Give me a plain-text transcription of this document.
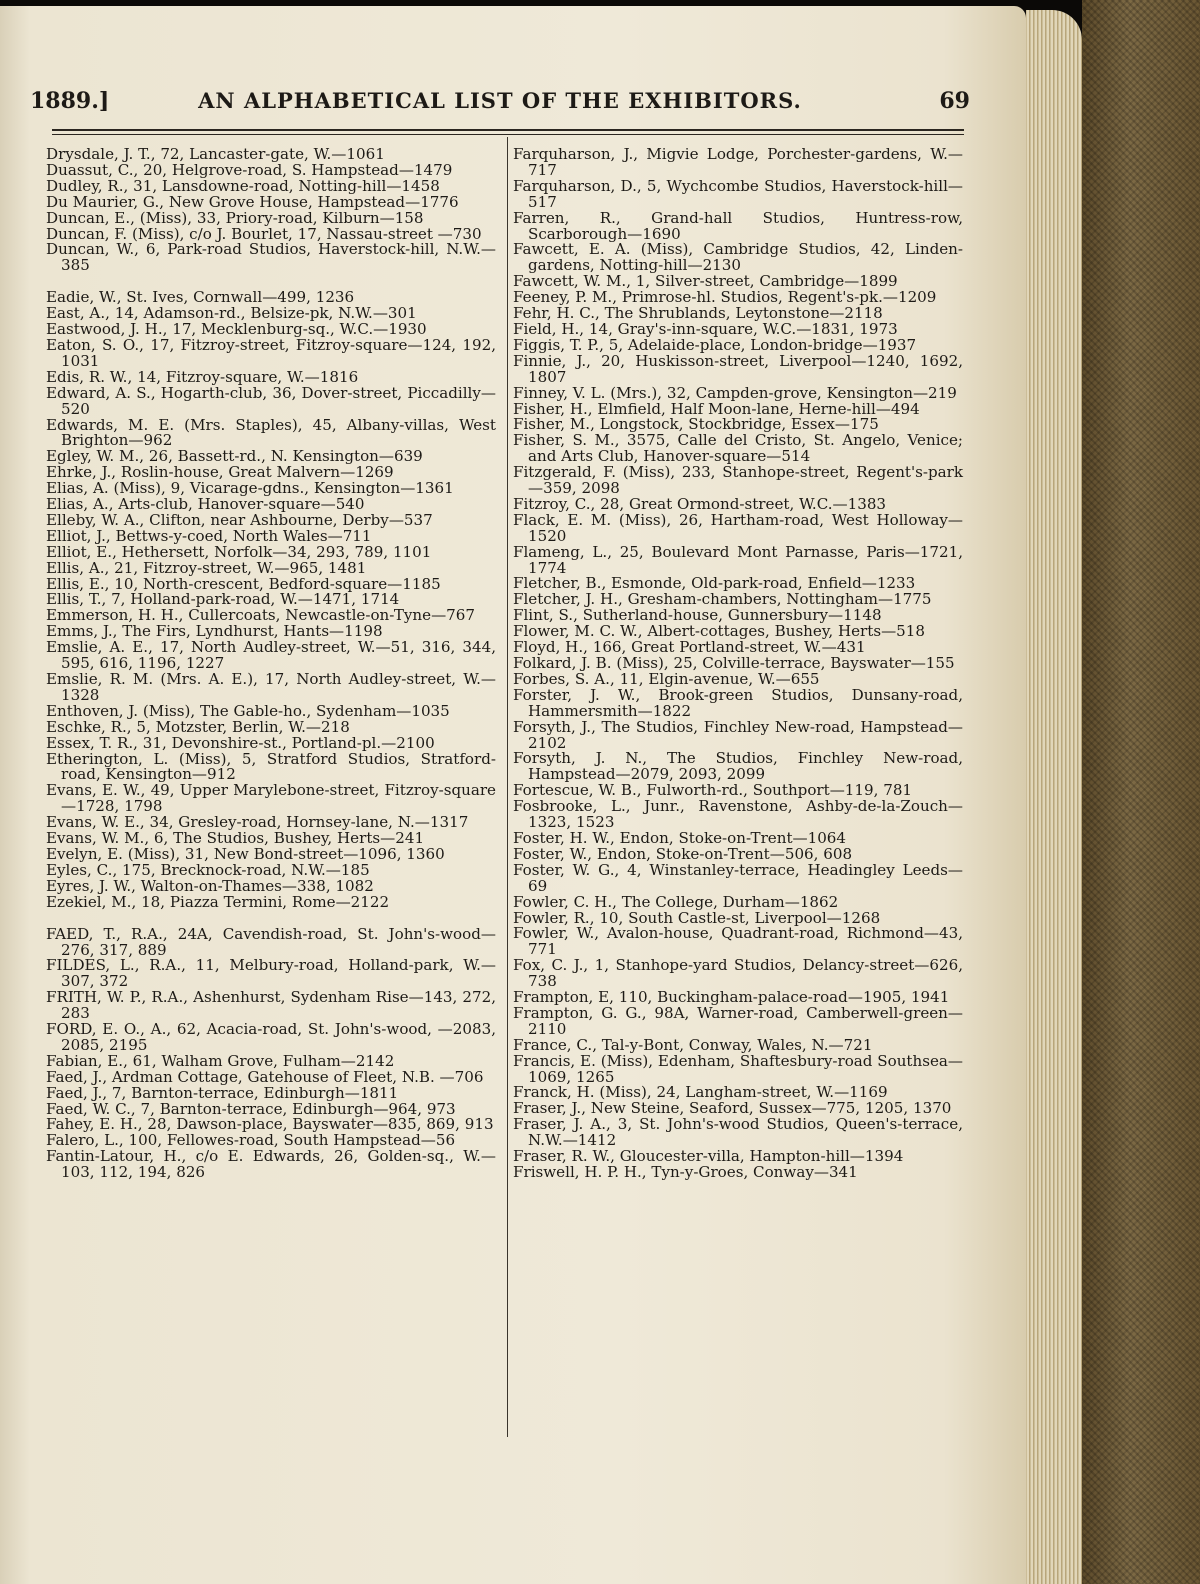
1889.]	AN ALPHABETICAL LIST OF THE EXHIBITORS.	69
Drysdale, J. T., 72, Lancaster-gate, W.—1061
Duassut, C., 20, Helgrove-road, S. Hampstead—1479
Dudley, R., 31, Lansdowne-road, Notting-hill—1458
Du Maurier, G., New Grove House, Hampstead—1776
Duncan, E., (Miss), 33, Priory-road, Kilburn—158
Duncan, F. (Miss), c/o J. Bourlet, 17, Nassau-street —730
Duncan, W., 6, Park-road Studios, Haverstock-hill, N.W.—385
Eadie, W., St. Ives, Cornwall—499, 1236
East, A., 14, Adamson-rd., Belsize-pk, N.W.—301
Eastwood, J. H., 17, Mecklenburg-sq., W.C.—1930
Eaton, S. O., 17, Fitzroy-street, Fitzroy-square—124, 192, 1031
Edis, R. W., 14, Fitzroy-square, W.—1816
Edward, A. S., Hogarth-club, 36, Dover-street, Piccadilly—520
Edwards, M. E. (Mrs. Staples), 45, Albany-villas, West Brighton—962
Egley, W. M., 26, Bassett-rd., N. Kensington—639
Ehrke, J., Roslin-house, Great Malvern—1269
Elias, A. (Miss), 9, Vicarage-gdns., Kensington—1361
Elias, A., Arts-club, Hanover-square—540
Elleby, W. A., Clifton, near Ashbourne, Derby—537
Elliot, J., Bettws-y-coed, North Wales—711
Elliot, E., Hethersett, Norfolk—34, 293, 789, 1101
Ellis, A., 21, Fitzroy-street, W.—965, 1481
Ellis, E., 10, North-crescent, Bedford-square—1185
Ellis, T., 7, Holland-park-road, W.—1471, 1714
Emmerson, H. H., Cullercoats, Newcastle-on-Tyne—767
Emms, J., The Firs, Lyndhurst, Hants—1198
Emslie, A. E., 17, North Audley-street, W.—51, 316, 344, 595, 616, 1196, 1227
Emslie, R. M. (Mrs. A. E.), 17, North Audley-street, W.—1328
Enthoven, J. (Miss), The Gable-ho., Sydenham—1035
Eschke, R., 5, Motzster, Berlin, W.—218
Essex, T. R., 31, Devonshire-st., Portland-pl.—2100
Etherington, L. (Miss), 5, Stratford Studios, Stratford-road, Kensington—912
Evans, E. W., 49, Upper Marylebone-street, Fitzroy-square—1728, 1798
Evans, W. E., 34, Gresley-road, Hornsey-lane, N.—1317
Evans, W. M., 6, The Studios, Bushey, Herts—241
Evelyn, E. (Miss), 31, New Bond-street—1096, 1360
Eyles, C., 175, Brecknock-road, N.W.—185
Eyres, J. W., Walton-on-Thames—338, 1082
Ezekiel, M., 18, Piazza Termini, Rome—2122
FAED, T., R.A., 24A, Cavendish-road, St. John's-wood—276, 317, 889
FILDES, L., R.A., 11, Melbury-road, Holland-park, W.—307, 372
FRITH, W. P., R.A., Ashenhurst, Sydenham Rise—143, 272, 283
FORD, E. O., A., 62, Acacia-road, St. John's-wood, —2083, 2085, 2195
Fabian, E., 61, Walham Grove, Fulham—2142
Faed, J., Ardman Cottage, Gatehouse of Fleet, N.B. —706
Faed, J., 7, Barnton-terrace, Edinburgh—1811
Faed, W. C., 7, Barnton-terrace, Edinburgh—964, 973
Fahey, E. H., 28, Dawson-place, Bayswater—835, 869, 913
Falero, L., 100, Fellowes-road, South Hampstead—56
Fantin-Latour, H., c/o E. Edwards, 26, Golden-sq., W.—103, 112, 194, 826
Farquharson, J., Migvie Lodge, Porchester-gardens, W.—717
Farquharson, D., 5, Wychcombe Studios, Haverstock-hill—517
Farren, R., Grand-hall Studios, Huntress-row, Scarborough—1690
Fawcett, E. A. (Miss), Cambridge Studios, 42, Linden-gardens, Notting-hill—2130
Fawcett, W. M., 1, Silver-street, Cambridge—1899
Feeney, P. M., Primrose-hl. Studios, Regent's-pk.—1209
Fehr, H. C., The Shrublands, Leytonstone—2118
Field, H., 14, Gray's-inn-square, W.C.—1831, 1973
Figgis, T. P., 5, Adelaide-place, London-bridge—1937
Finnie, J., 20, Huskisson-street, Liverpool—1240, 1692, 1807
Finney, V. L. (Mrs.), 32, Campden-grove, Kensington—219
Fisher, H., Elmfield, Half Moon-lane, Herne-hill—494
Fisher, M., Longstock, Stockbridge, Essex—175
Fisher, S. M., 3575, Calle del Cristo, St. Angelo, Venice; and Arts Club, Hanover-square—514
Fitzgerald, F. (Miss), 233, Stanhope-street, Regent's-park—359, 2098
Fitzroy, C., 28, Great Ormond-street, W.C.—1383
Flack, E. M. (Miss), 26, Hartham-road, West Holloway—1520
Flameng, L., 25, Boulevard Mont Parnasse, Paris—1721, 1774
Fletcher, B., Esmonde, Old-park-road, Enfield—1233
Fletcher, J. H., Gresham-chambers, Nottingham—1775
Flint, S., Sutherland-house, Gunnersbury—1148
Flower, M. C. W., Albert-cottages, Bushey, Herts—518
Floyd, H., 166, Great Portland-street, W.—431
Folkard, J. B. (Miss), 25, Colville-terrace, Bayswater—155
Forbes, S. A., 11, Elgin-avenue, W.—655
Forster, J. W., Brook-green Studios, Dunsany-road, Hammersmith—1822
Forsyth, J., The Studios, Finchley New-road, Hampstead—2102
Forsyth, J. N., The Studios, Finchley New-road, Hampstead—2079, 2093, 2099
Fortescue, W. B., Fulworth-rd., Southport—119, 781
Fosbrooke, L., Junr., Ravenstone, Ashby-de-la-Zouch—1323, 1523
Foster, H. W., Endon, Stoke-on-Trent—1064
Foster, W., Endon, Stoke-on-Trent—506, 608
Foster, W. G., 4, Winstanley-terrace, Headingley Leeds—69
Fowler, C. H., The College, Durham—1862
Fowler, R., 10, South Castle-st, Liverpool—1268
Fowler, W., Avalon-house, Quadrant-road, Richmond—43, 771
Fox, C. J., 1, Stanhope-yard Studios, Delancy-street—626, 738
Frampton, E, 110, Buckingham-palace-road—1905, 1941
Frampton, G. G., 98A, Warner-road, Camberwell-green—2110
France, C., Tal-y-Bont, Conway, Wales, N.—721
Francis, E. (Miss), Edenham, Shaftesbury-road Southsea—1069, 1265
Franck, H. (Miss), 24, Langham-street, W.—1169
Fraser, J., New Steine, Seaford, Sussex—775, 1205, 1370
Fraser, J. A., 3, St. John's-wood Studios, Queen's-terrace, N.W.—1412
Fraser, R. W., Gloucester-villa, Hampton-hill—1394
Friswell, H. P. H., Tyn-y-Groes, Conway—341
